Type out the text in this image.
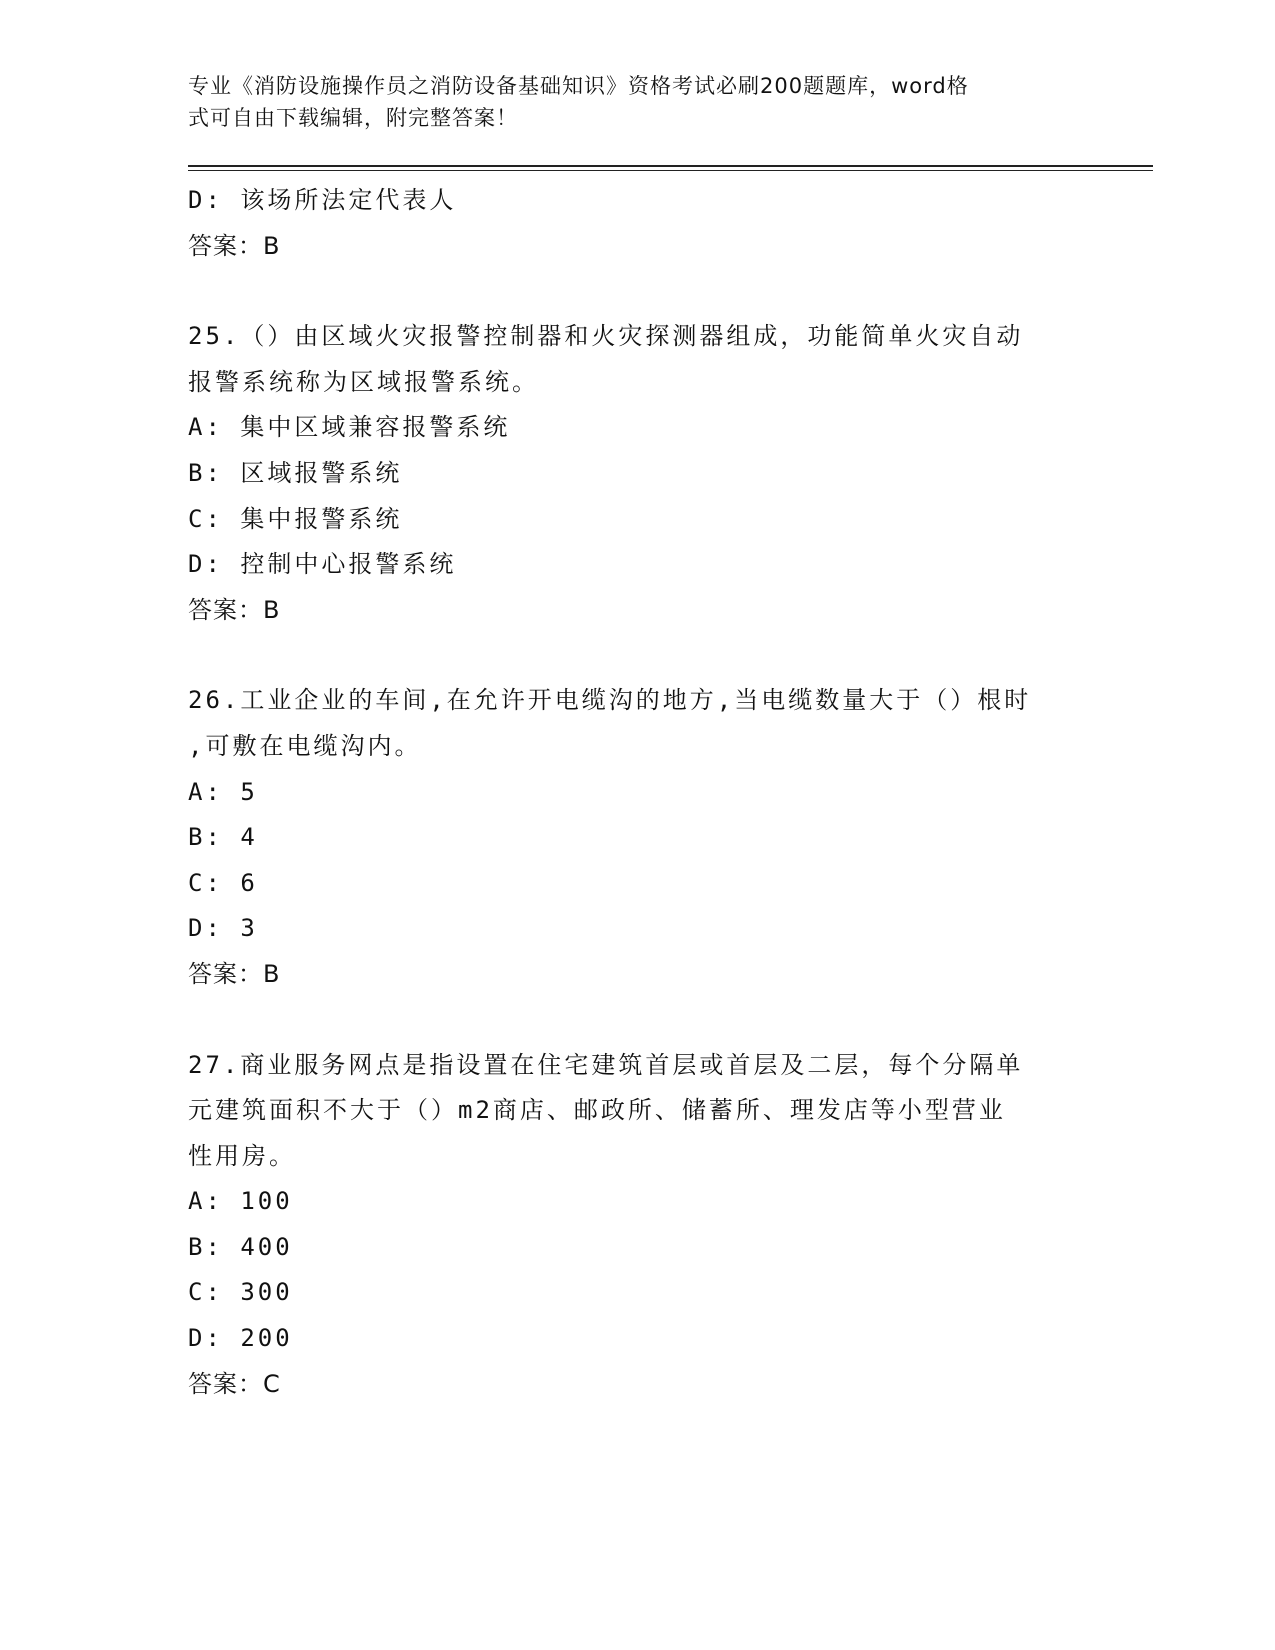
专业《消防设施操作员之消防设备基础知识》资格考试必刷200题题库，word格
式可自由下载编辑，附完整答案！
D: 该场所法定代表人
答案：B
25.（）由区域火灾报警控制器和火灾探测器组成，功能简单火灾自动
报警系统称为区域报警系统。
A: 集中区域兼容报警系统
B: 区域报警系统
C: 集中报警系统
D: 控制中心报警系统
答案：B
26.工业企业的车间,在允许开电缆沟的地方,当电缆数量大于（）根时
,可敷在电缆沟内。
A: 5
B: 4
C: 6
D: 3
答案：B
27.商业服务网点是指设置在住宅建筑首层或首层及二层，每个分隔单
元建筑面积不大于（）m2商店、邮政所、储蓄所、理发店等小型营业
性用房。
A: 100
B: 400
C: 300
D: 200
答案：C
